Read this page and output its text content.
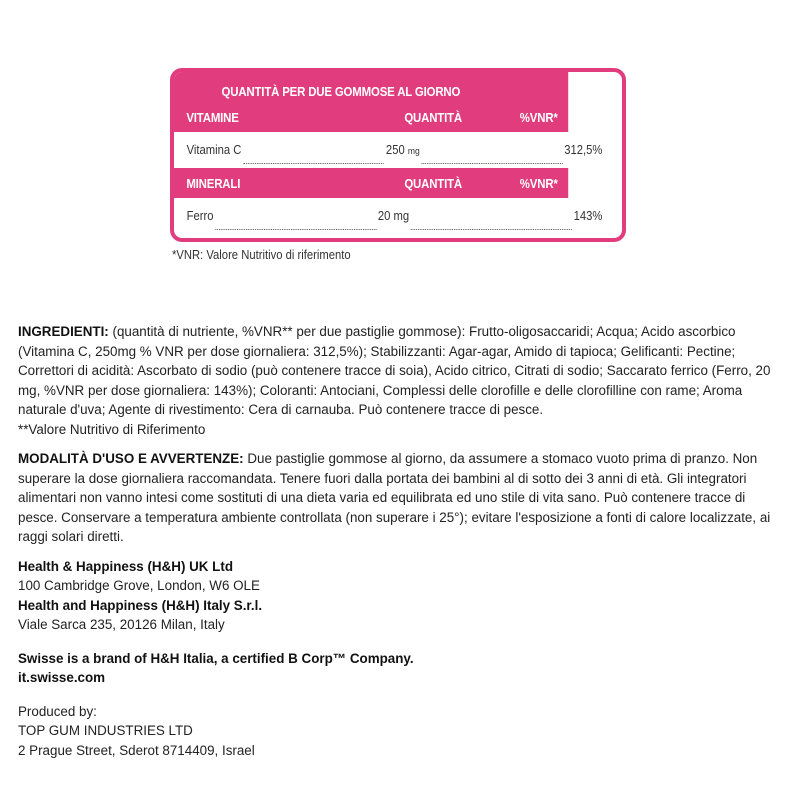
QUANTITÀ PER DUE GOMMOSE AL GIORNO
VITAMINE	QUANTITÀ	%VNR*
Vitamina C	250 mg	312,5%
MINERALI	QUANTITÀ	%VNR*
Ferro	20 mg	143%
*VNR: Valore Nutritivo di riferimento

INGREDIENTI: (quantità di nutriente, %VNR** per due pastiglie gommose): Frutto-oligosaccaridi; Acqua; Acido ascorbico (Vitamina C, 250mg % VNR per dose giornaliera: 312,5%); Stabilizzanti: Agar-agar, Amido di tapioca; Gelificanti: Pectine; Correttori di acidità: Ascorbato di sodio (può contenere tracce di soia), Acido citrico, Citrati di sodio; Saccarato ferrico (Ferro, 20 mg, %VNR per dose giornaliera: 143%); Coloranti: Antociani, Complessi delle clorofille e delle clorofilline con rame; Aroma naturale d'uva; Agente di rivestimento: Cera di carnauba. Può contenere tracce di pesce.

**Valore Nutritivo di Riferimento

MODALITÀ D'USO E AVVERTENZE: Due pastiglie gommose al giorno, da assumere a stomaco vuoto prima di pranzo. Non superare la dose giornaliera raccomandata. Tenere fuori dalla portata dei bambini al di sotto dei 3 anni di età. Gli integratori alimentari non vanno intesi come sostituti di una dieta varia ed equilibrata ed uno stile di vita sano. Può contenere tracce di pesce. Conservare a temperatura ambiente controllata (non superare i 25°); evitare l'esposizione a fonti di calore localizzate, ai raggi solari diretti.

Health & Happiness (H&H) UK Ltd

100 Cambridge Grove, London, W6 OLE

Health and Happiness (H&H) Italy S.r.l.

Viale Sarca 235, 20126 Milan, Italy

Swisse is a brand of H&H Italia, a certified B Corp™ Company.

it.swisse.com

Produced by:

TOP GUM INDUSTRIES LTD

2 Prague Street, Sderot 8714409, Israel
